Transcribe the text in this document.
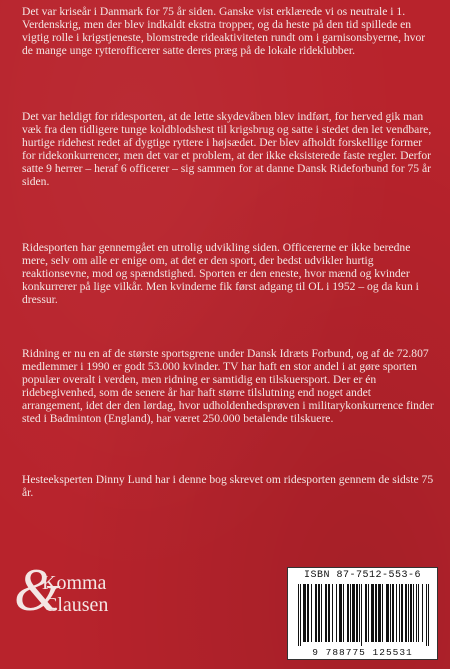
Det var kriseår i Danmark for 75 år siden. Ganske vist erklærede vi os neutrale i 1. Verdenskrig, men der blev indkaldt ekstra tropper, og da heste på den tid spillede en vigtig rolle i krigstjeneste, blomstrede rideaktiviteten rundt om i garnisonsbyerne, hvor de mange unge rytterofficerer satte deres præg på de lokale rideklubber.

Det var heldigt for ridesporten, at de lette skydevåben blev indført, for herved gik man væk fra den tidligere tunge koldblodshest til krigsbrug og satte i stedet den let vendbare, hurtige ridehest redet af dygtige ryttere i højsædet. Der blev afholdt forskellige former for ridekonkurrencer, men det var et problem, at der ikke eksisterede faste regler. Derfor satte 9 herrer – heraf 6 officerer – sig sammen for at danne Dansk Rideforbund for 75 år siden.

Ridesporten har gennemgået en utrolig udvikling siden. Officererne er ikke beredne mere, selv om alle er enige om, at det er den sport, der bedst udvikler hurtig reaktionsevne, mod og spændstighed. Sporten er den eneste, hvor mænd og kvinder konkurrerer på lige vilkår. Men kvinderne fik først adgang til OL i 1952 – og da kun i dressur.

Ridning er nu en af de største sportsgrene under Dansk Idræts Forbund, og af de 72.807 medlemmer i 1990 er godt 53.000 kvinder. TV har haft en stor andel i at gøre sporten populær overalt i verden, men ridning er samtidig en tilskuersport. Der er én ridebegivenhed, som de senere år har haft større tilslutning end noget andet arrangement, idet der den lørdag, hvor udholdenhedsprøven i militarykonkurrence finder sted i Badminton (England), har været 250.000 betalende tilskuere.

Hesteeksperten Dinny Lund har i denne bog skrevet om ridesporten gennem de sidste 75 år.

&
Komma
Clausen
ISBN 87-7512-553-6
9 788775 125531
